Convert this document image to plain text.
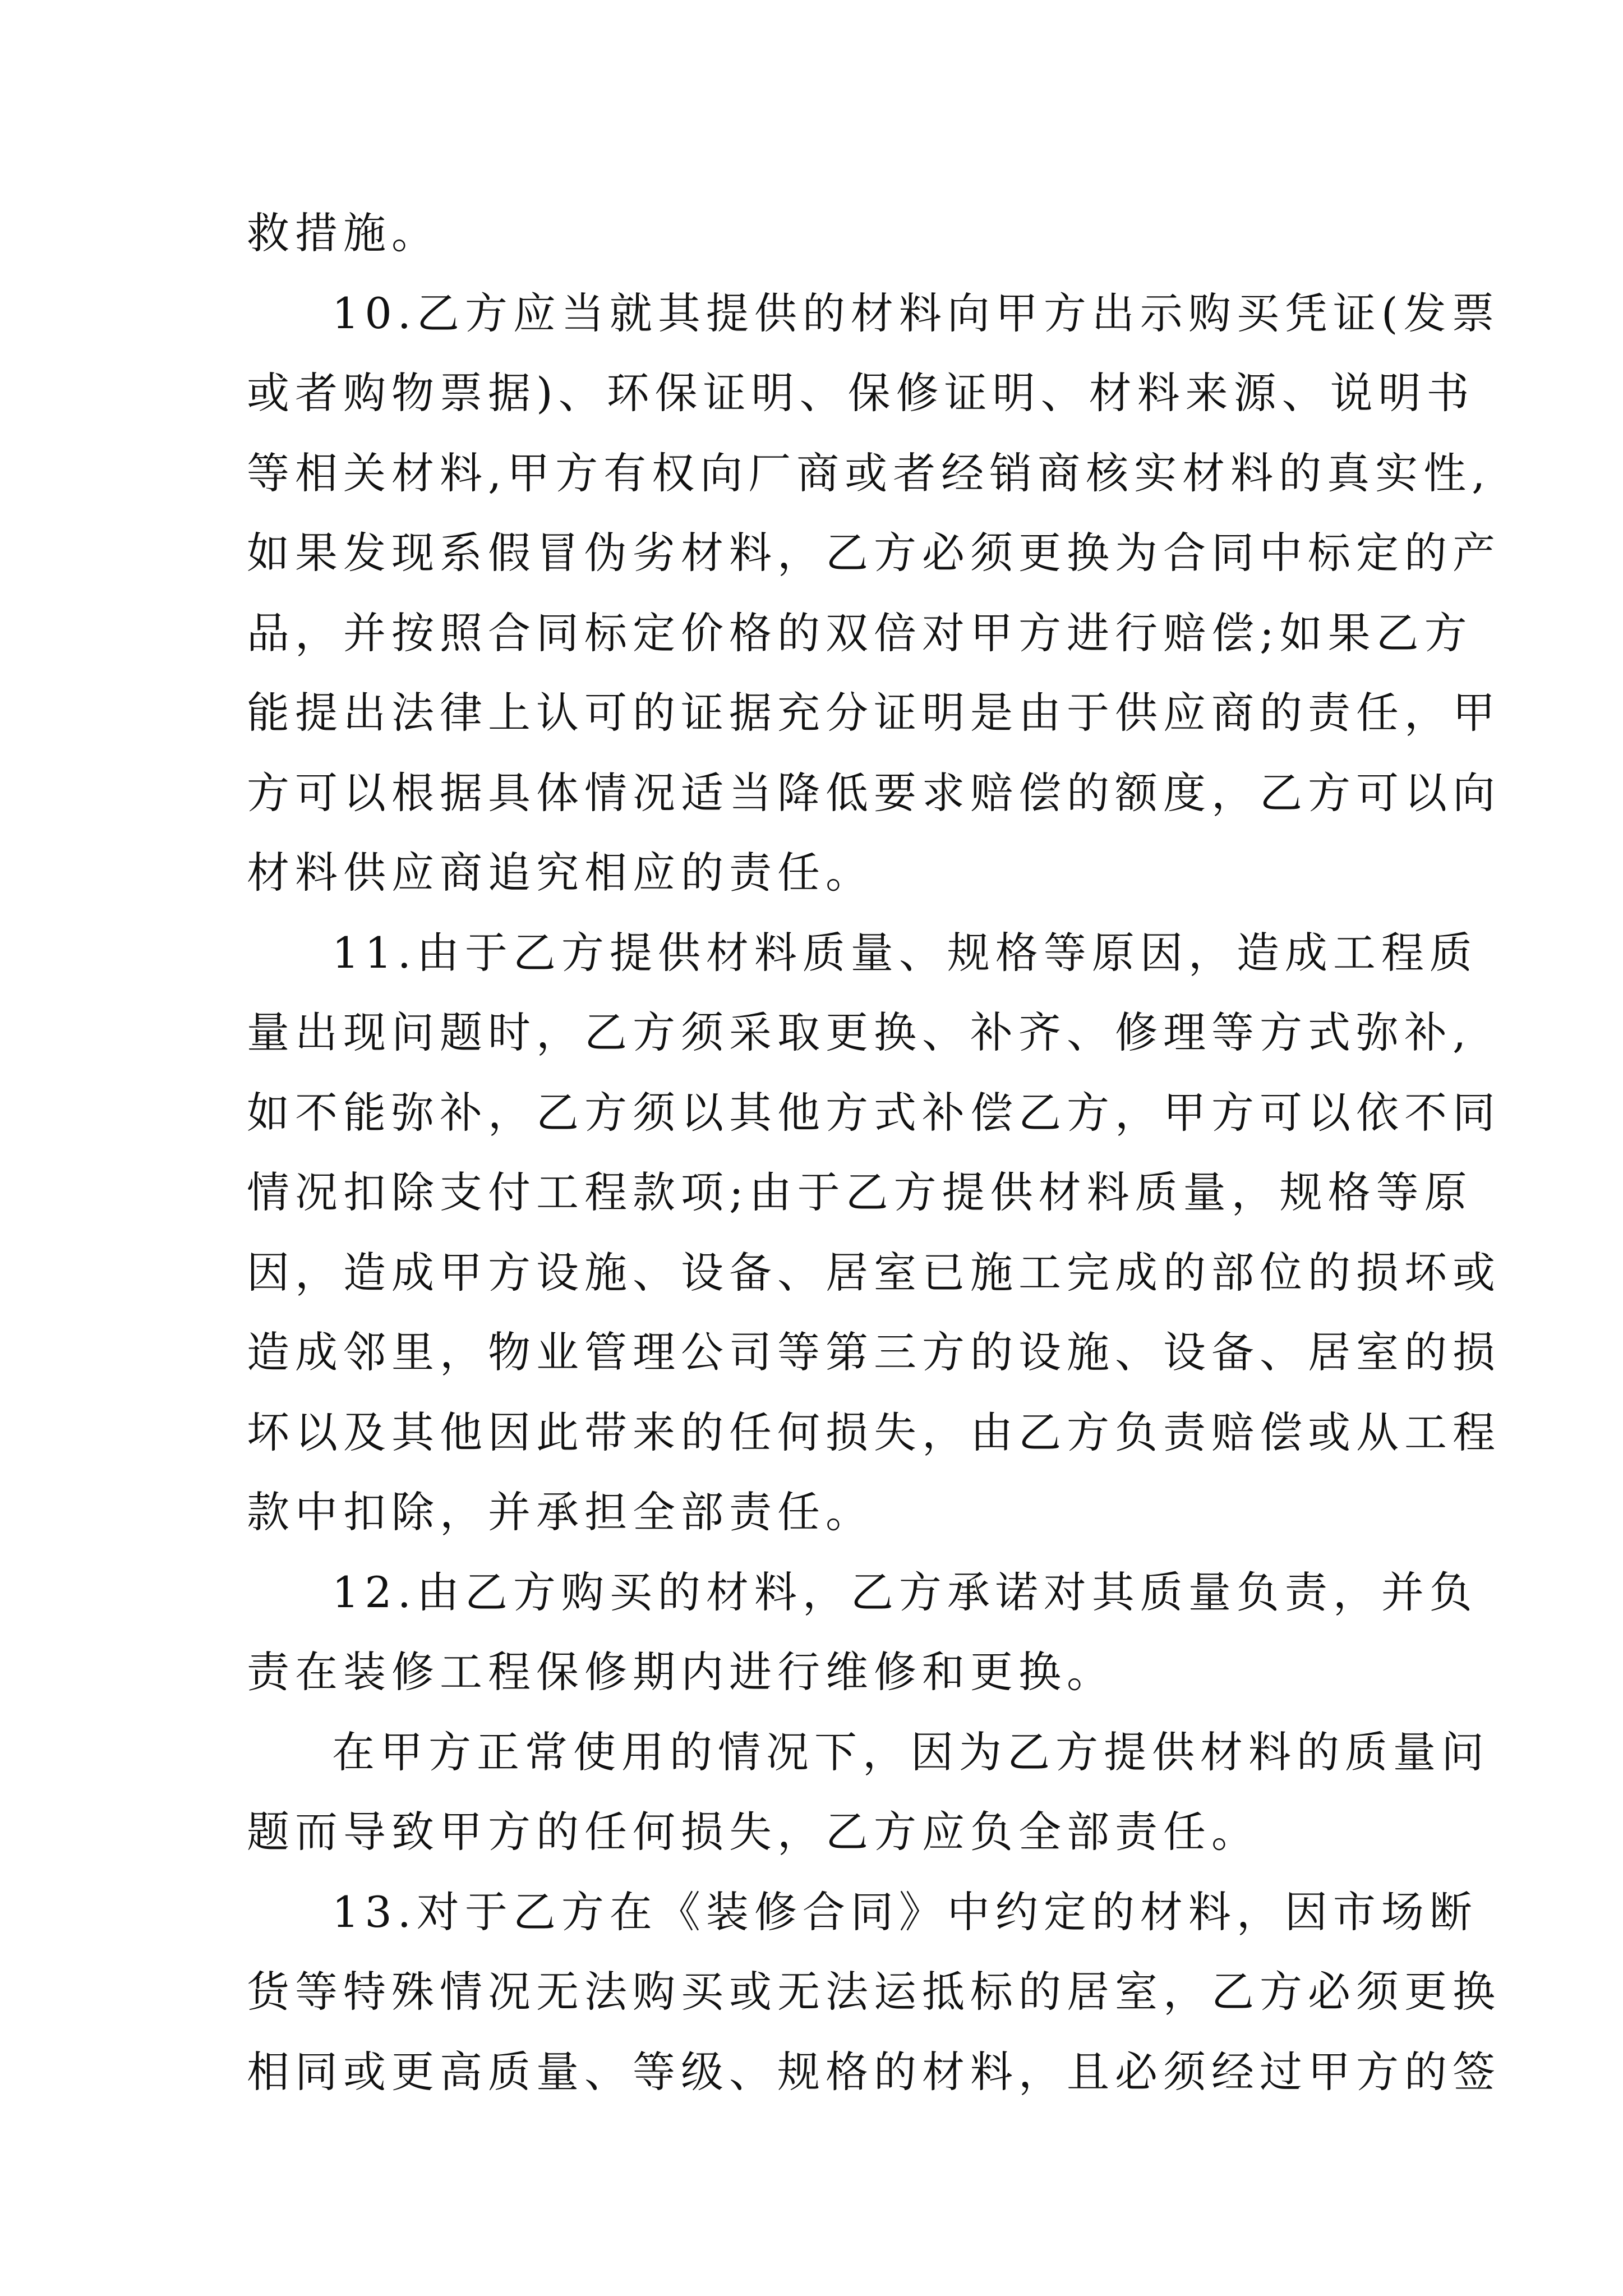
救措施。
10.乙方应当就其提供的材料向甲方出示购买凭证(发票
或者购物票据)、环保证明、保修证明、材料来源、说明书
等相关材料,甲方有权向厂商或者经销商核实材料的真实性,
如果发现系假冒伪劣材料，乙方必须更换为合同中标定的产
品，并按照合同标定价格的双倍对甲方进行赔偿;如果乙方
能提出法律上认可的证据充分证明是由于供应商的责任，甲
方可以根据具体情况适当降低要求赔偿的额度，乙方可以向
材料供应商追究相应的责任。
11.由于乙方提供材料质量、规格等原因，造成工程质
量出现问题时，乙方须采取更换、补齐、修理等方式弥补,
如不能弥补，乙方须以其他方式补偿乙方，甲方可以依不同
情况扣除支付工程款项;由于乙方提供材料质量，规格等原
因，造成甲方设施、设备、居室已施工完成的部位的损坏或
造成邻里，物业管理公司等第三方的设施、设备、居室的损
坏以及其他因此带来的任何损失，由乙方负责赔偿或从工程
款中扣除，并承担全部责任。
12.由乙方购买的材料，乙方承诺对其质量负责，并负
责在装修工程保修期内进行维修和更换。
在甲方正常使用的情况下，因为乙方提供材料的质量问
题而导致甲方的任何损失，乙方应负全部责任。
13.对于乙方在《装修合同》中约定的材料，因市场断
货等特殊情况无法购买或无法运抵标的居室，乙方必须更换
相同或更高质量、等级、规格的材料，且必须经过甲方的签
